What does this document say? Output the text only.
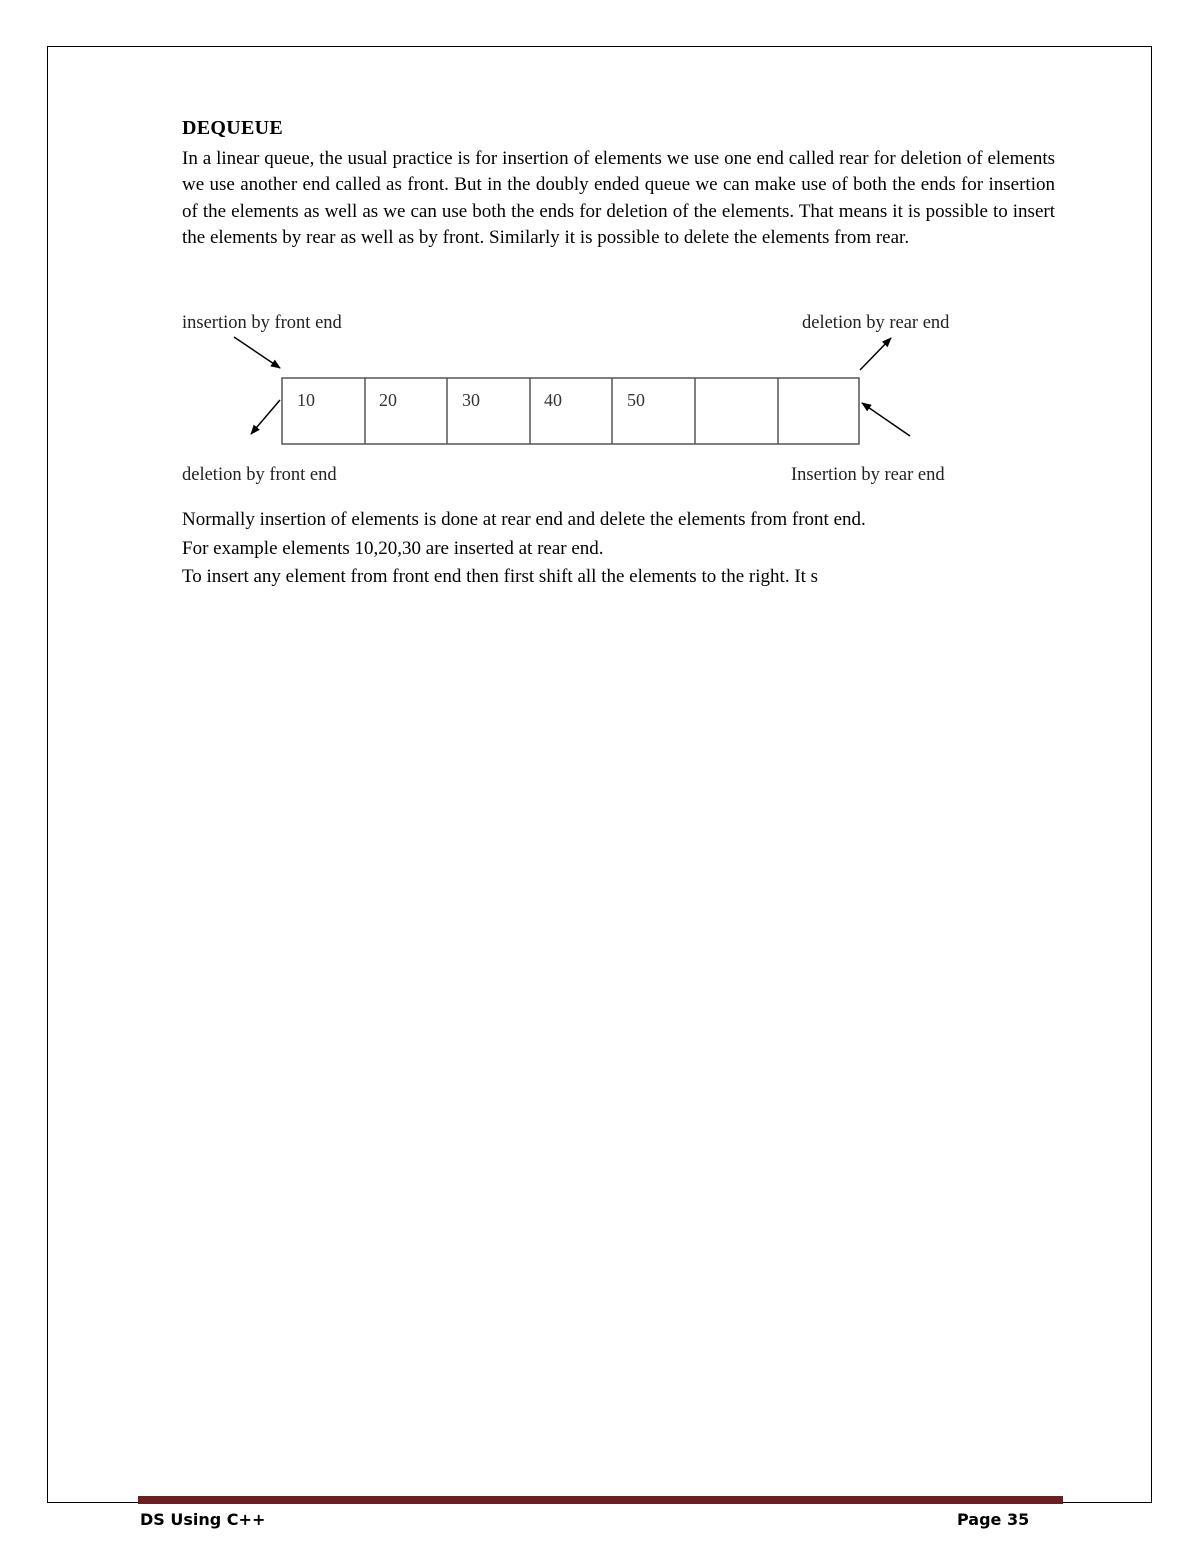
DEQUEUE
In a linear queue, the usual practice is for insertion of elements we use one end called rear for deletion of elements we use another end called as front. But in the doubly ended queue we can make use of both the ends for insertion of the elements as well as we can use both the ends for deletion of the elements. That means it is possible to insert the elements by rear as well as by front. Similarly it is possible to delete the elements from rear.
insertion by front end	deletion by rear end
deletion by front end	Insertion by rear end
10	20	30	40	50
Normally insertion of elements is done at rear end and delete the elements from front end.
For example elements 10,20,30 are inserted at rear end.
To insert any element from front end then first shift all the elements to the right. It s
DS Using C++	Page 35
